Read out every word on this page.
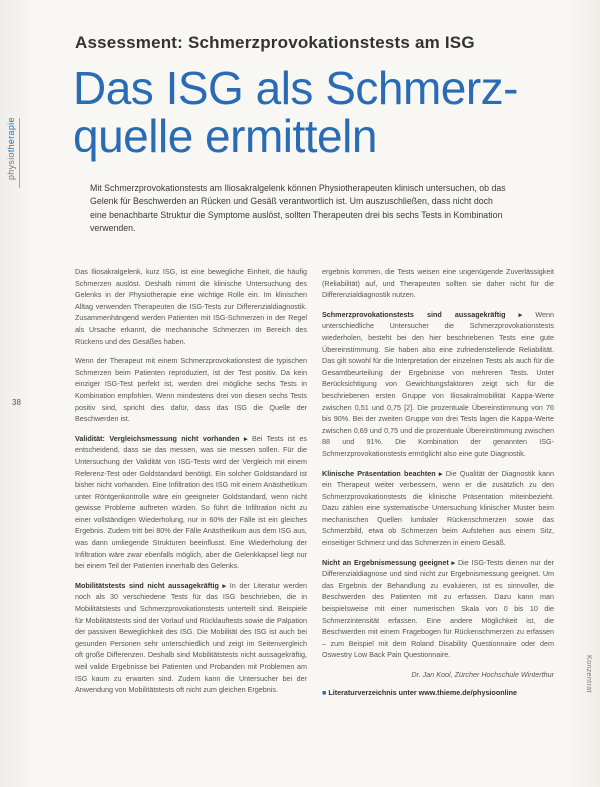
physiotherapie
38
Konzentrat
Assessment: Schmerzprovokationstests am ISG
Das ISG als Schmerz-
quelle ermitteln
Mit Schmerzprovokationstests am Iliosakralgelenk können Physiotherapeuten klinisch untersuchen, ob das Gelenk für Beschwerden an Rücken und Gesäß verantwortlich ist. Um auszuschließen, dass nicht doch eine benachbarte Struktur die Symptome auslöst, sollten Therapeuten drei bis sechs Tests in Kombination verwenden.

Das Iliosakralgelenk, kurz ISG, ist eine bewegliche Einheit, die häufig Schmerzen auslöst. Deshalb nimmt die klinische Untersuchung des Gelenks in der Physiotherapie eine wichtige Rolle ein. Im klinischen Alltag verwenden Therapeuten die ISG-Tests zur Differenzialdiagnostik. Zusammenhängend werden Patienten mit ISG-Schmerzen in der Regel als Ursache erkannt, die mechanische Schmerzen im Bereich des Rückens und des Gesäßes haben.

Wenn der Therapeut mit einem Schmerzprovokationstest die typischen Schmerzen beim Patienten reproduziert, ist der Test positiv. Da kein einziger ISG-Test perfekt ist, werden drei mögliche sechs Tests in Kombination empfohlen. Wenn mindestens drei von diesen sechs Tests positiv sind, spricht dies dafür, dass das ISG die Quelle der Beschwerden ist.

Validität: Vergleichsmessung nicht vorhanden ▸ Bei Tests ist es entscheidend, dass sie das messen, was sie messen sollen. Für die Untersuchung der Validität von ISG-Tests wird der Vergleich mit einem Referenz-Test oder Goldstandard benötigt. Ein solcher Goldstandard ist bisher nicht vorhanden. Eine Infiltration des ISG mit einem Anästhetikum unter Röntgenkontrolle wäre ein geeigneter Goldstandard, wenn nicht gewisse Probleme auftreten würden. So führt die Infiltration nicht zu einer vollständigen Wiederholung, nur in 60% der Fälle ist ein gleiches Ergebnis. Zudem tritt bei 80% der Fälle Anästhetikum aus dem ISG aus, was dann umliegende Strukturen beeinflusst. Eine Wiederholung der Infiltration wäre zwar ebenfalls möglich, aber die Gelenkkapsel liegt nur bei einem Teil der Patienten innerhalb des Gelenks.

Mobilitätstests sind nicht aussagekräftig ▸ In der Literatur werden noch als 30 verschiedene Tests für das ISG beschrieben, die in Mobilitätstests und Schmerzprovokationstests unterteilt sind. Beispiele für Mobilitätstests sind der Vorlauf und Rücklauftests sowie die Palpation der passiven Beweglichkeit des ISG. Die Mobilität des ISG ist auch bei gesunden Personen sehr unterschiedlich und zeigt im Seitenvergleich oft große Differenzen. Deshalb sind Mobilitätstests nicht aussagekräftig, weil valide Ergebnisse bei Patienten und Probanden mit Problemen am ISG kaum zu erwarten sind. Zudem kann die Untersucher bei der Anwendung von Mobilitätstests oft nicht zum gleichen Ergebnis.

ergebnis kommen, die Tests weisen eine ungenügende Zuverlässigkeit (Reliabilität) auf, und Therapeuten sollten sie daher nicht für die Differenzialdiagnostik nutzen.

Schmerzprovokationstests sind aussagekräftig ▸ Wenn unterschiedliche Untersucher die Schmerzprovokationstests wiederholen, besteht bei den hier beschriebenen Tests eine gute Übereinstimmung. Sie haben also eine zufriedenstellende Reliabilität. Das gilt sowohl für die Interpretation der einzelnen Tests als auch für die Gesamtbeurteilung der Ergebnisse von mehreren Tests. Unter Berücksichtigung von Gewichtungsfaktoren zeigt sich für die beschriebenen ersten Gruppe von Iliosakralmobilität Kappa-Werte zwischen 0,51 und 0,75 [2]. Die prozentuale Übereinstimmung von 76 bis 90%. Bei der zweiten Gruppe von drei Tests lagen die Kappa-Werte zwischen 0,69 und 0,75 und die prozentuale Übereinstimmung zwischen 88 und 91%. Die Kombination der genannten ISG-Schmerzprovokationstests ermöglicht also eine gute Diagnostik.

Klinische Präsentation beachten ▸ Die Qualität der Diagnostik kann ein Therapeut weiter verbessern, wenn er die zusätzlich zu den Schmerzprovokationstests die klinische Präsentation miteinbezieht. Dazu zählen eine systematische Untersuchung klinischer Muster beim mechanischen Quellen lumbaler Rückenschmerzen sowie das Schmerzbild, etwa ob Schmerzen beim Aufstehen aus einem Sitz, einseitiger Schmerz und das Schmerzen in einem Gesäß.

Nicht an Ergebnismessung geeignet ▸ Die ISG-Tests dienen nur der Differenzialdiagnose und sind nicht zur Ergebnismessung geeignet. Um das Ergebnis der Behandlung zu evaluieren, ist es sinnvoller, die Beschwerden des Patienten mit zu erfassen. Dazu kann man beispielsweise mit einer numerischen Skala von 0 bis 10 die Schmerzintensität erfassen. Eine andere Möglichkeit ist, die Beschwerden mit einem Fragebogen für Rückenschmerzen zu erfassen – zum Beispiel mit dem Roland Disability Questionnaire oder dem Oswestry Low Back Pain Questionnaire.

Dr. Jan Kool, Zürcher Hochschule Winterthur
■ Literaturverzeichnis unter www.thieme.de/physioonline
